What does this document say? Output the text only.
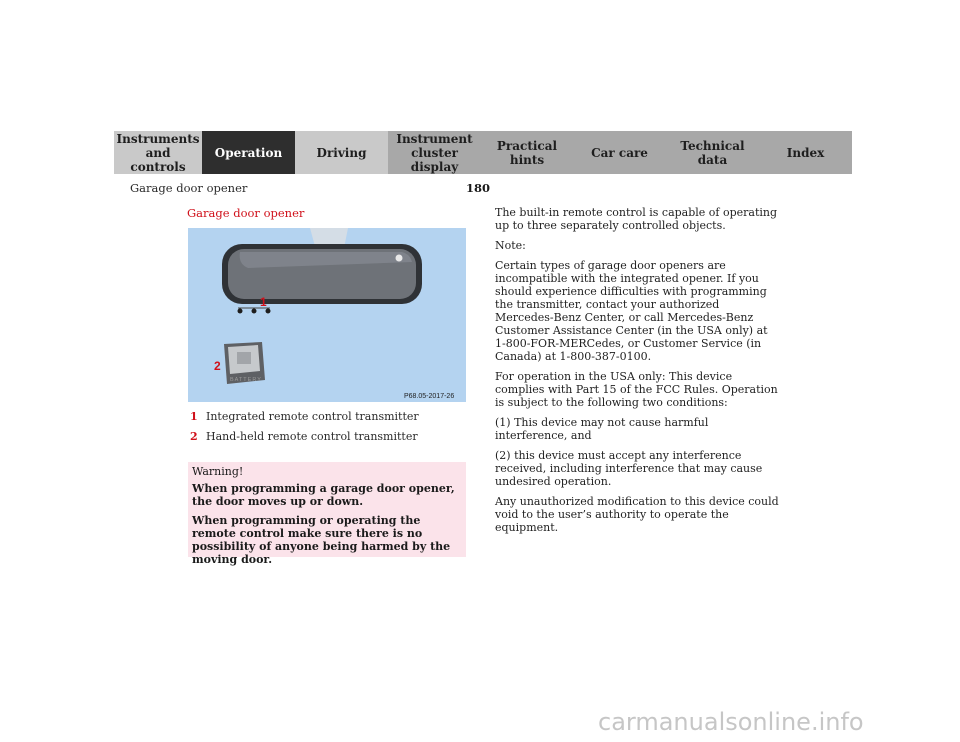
Instruments
and controls
Operation	Driving
Instrument
cluster display
Practical hints	Car care	Technical
data	Index
Garage door opener	180
Garage door opener
1
BATTERY
2
P68.05-2017-26
1 Integrated remote control transmitter
2 Hand-held remote control transmitter

Warning!

When programming a garage door opener, the door moves up or down.

When programming or operating the remote control make sure there is no possibility of anyone being harmed by the moving door.

The built-in remote control is capable of operating up to three separately controlled objects.

Note:

Certain types of garage door openers are incompatible with the integrated opener. If you should experience difficulties with programming the transmitter, contact your authorized Mercedes-Benz Center, or call Mercedes-Benz Customer Assistance Center (in the USA only) at 1-800-FOR-MERCedes, or Customer Service (in Canada) at 1-800-387-0100.

For operation in the USA only: This device complies with Part 15 of the FCC Rules. Operation is subject to the following two conditions:

(1) This device may not cause harmful interference, and

(2) this device must accept any interference received, including interference that may cause undesired operation.

Any unauthorized modification to this device could void to the user’s authority to operate the equipment.

carmanualsonline.info
